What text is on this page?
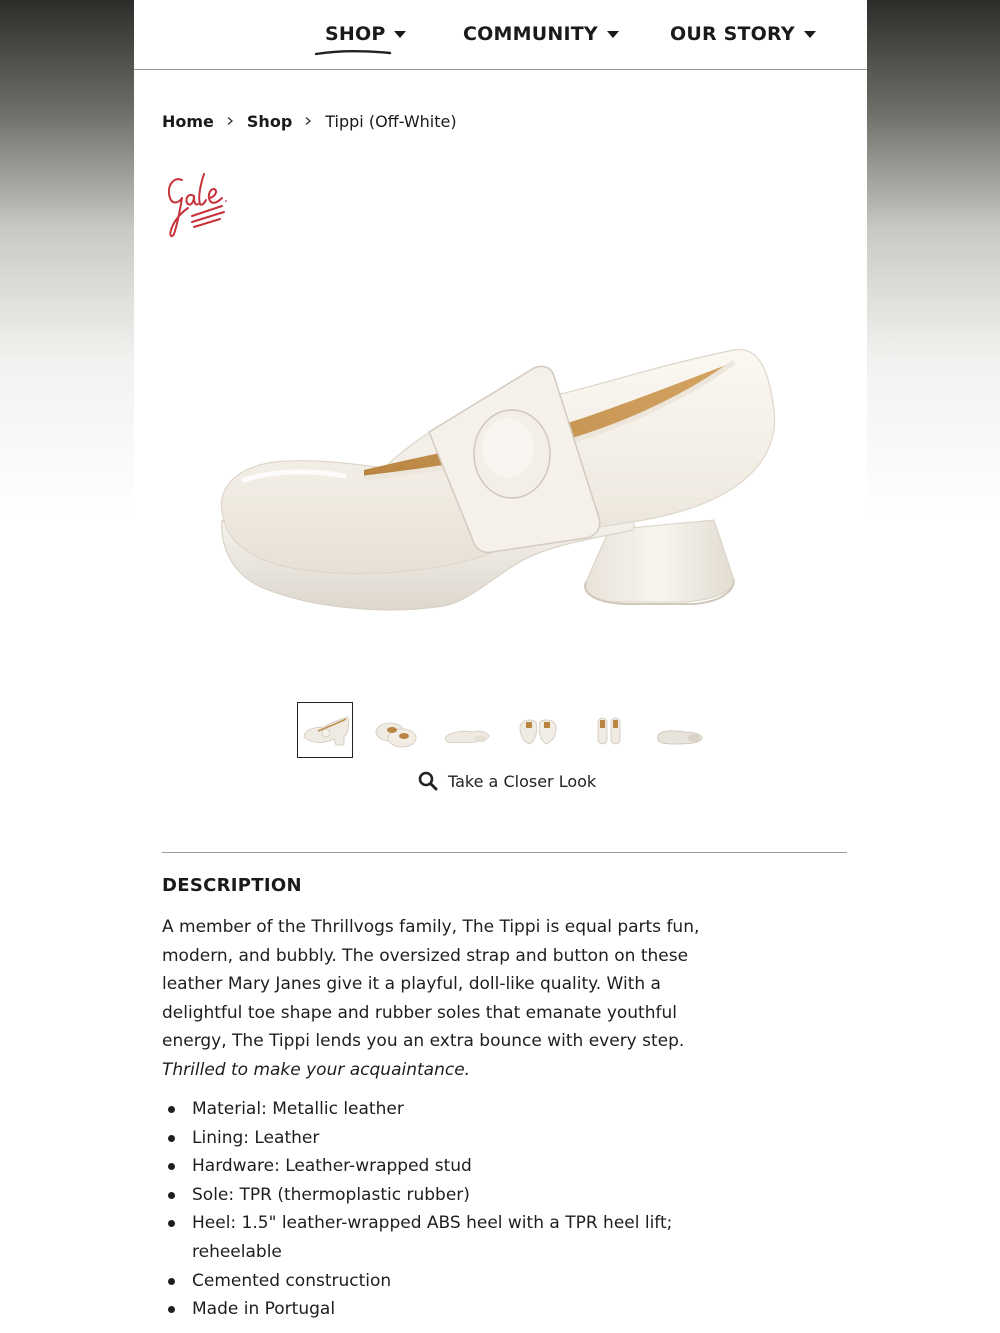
SHOP	COMMUNITY	OUR STORY
Home Shop Tippi (Off-White)
Take a Closer Look
DESCRIPTION

A member of the Thrillvogs family, The Tippi is equal parts fun,

modern, and bubbly. The oversized strap and button on these

leather Mary Janes give it a playful, doll-like quality. With a

delightful toe shape and rubber soles that emanate youthful

energy, The Tippi lends you an extra bounce with every step.

Thrilled to make your acquaintance.

Material: Metallic leather
Lining: Leather
Hardware: Leather-wrapped stud
Sole: TPR (thermoplastic rubber)
Heel: 1.5" leather-wrapped ABS heel with a TPR heel lift;
reheelable
Cemented construction
Made in Portugal
